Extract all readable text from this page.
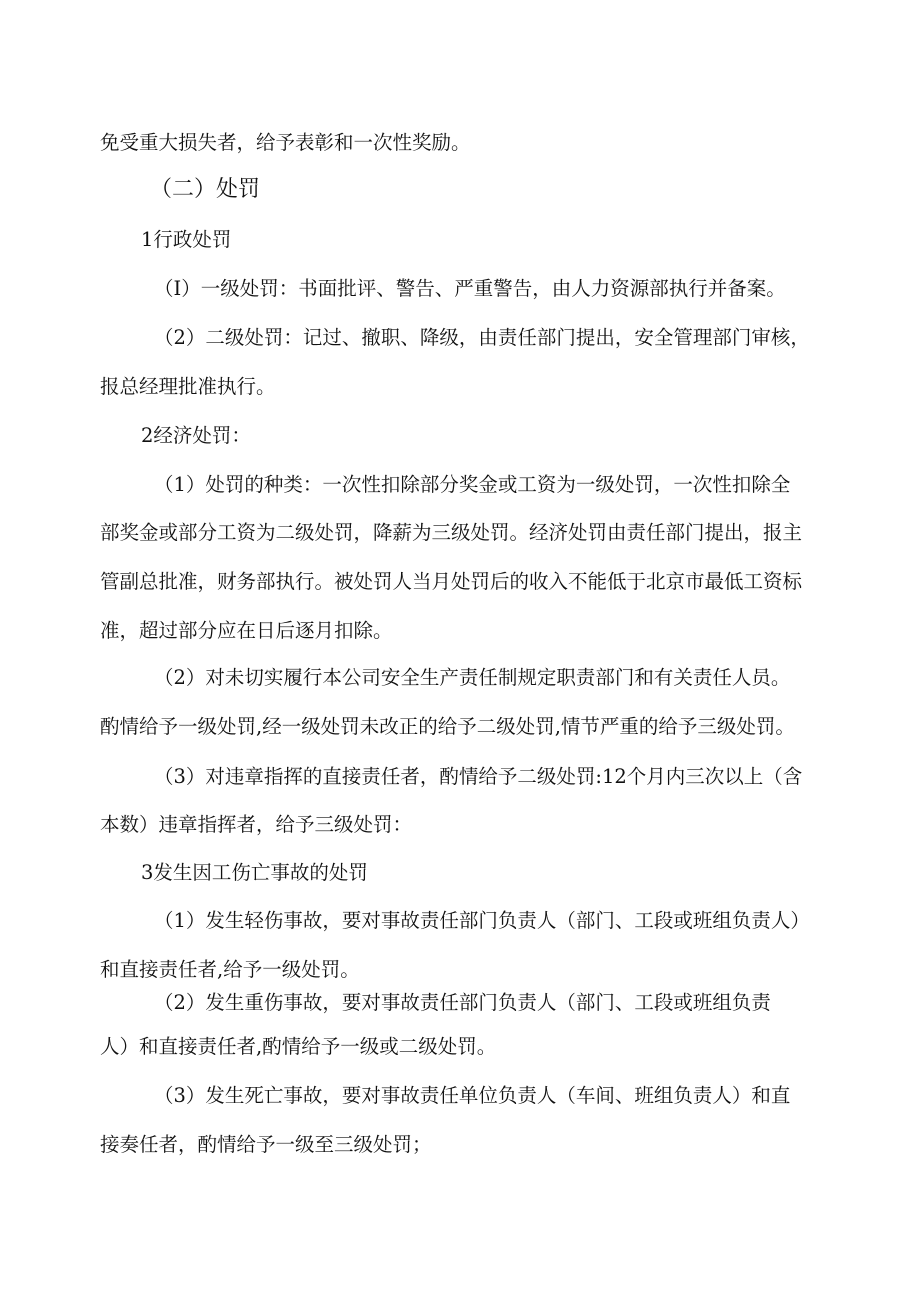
免受重大损失者，给予表彰和一次性奖励。
（二）处罚
1行政处罚
（I）一级处罚：书面批评、警告、严重警告，由人力资源部执行并备案。
（2）二级处罚：记过、撤职、降级，由责任部门提出，安全管理部门审核，
报总经理批准执行。
2经济处罚：
（1）处罚的种类：一次性扣除部分奖金或工资为一级处罚，一次性扣除全
部奖金或部分工资为二级处罚，降薪为三级处罚。经济处罚由责任部门提出，报主
管副总批准，财务部执行。被处罚人当月处罚后的收入不能低于北京市最低工资标
准，超过部分应在日后逐月扣除。
（2）对未切实履行本公司安全生产责任制规定职责部门和有关责任人员。
酌情给予一级处罚,经一级处罚未改正的给予二级处罚,情节严重的给予三级处罚。
（3）对违章指挥的直接责任者，酌情给予二级处罚:12个月内三次以上（含
本数）违章指挥者，给予三级处罚：
3发生因工伤亡事故的处罚
（1）发生轻伤事故，要对事故责任部门负责人（部门、工段或班组负责人）
和直接责任者,给予一级处罚。
（2）发生重伤事故，要对事故责任部门负责人（部门、工段或班组负责
人）和直接责任者,酌情给予一级或二级处罚。
（3）发生死亡事故，要对事故责任单位负责人（车间、班组负责人）和直
接奏任者，酌情给予一级至三级处罚；
